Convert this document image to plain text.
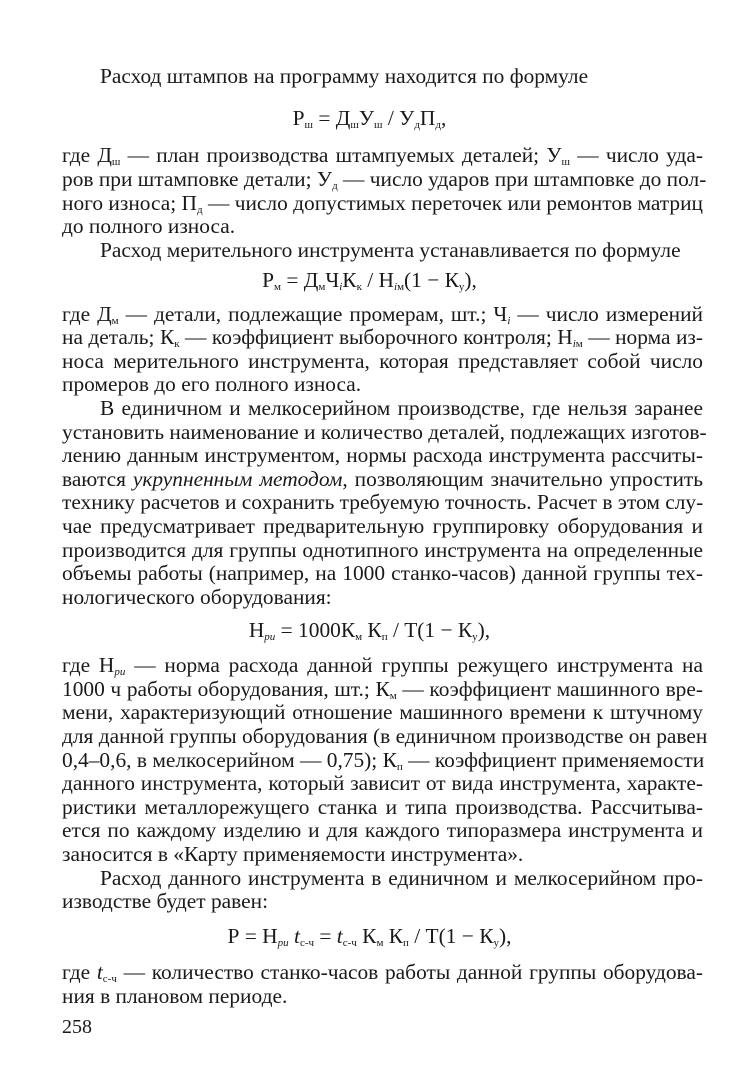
Расход штампов на программу находится по формуле
$Р_ш = Д_шУ_ш / У_дП_д$,
где $Д_ш$ — план производства штампуемых деталей; $У_ш$ — число уда-
ров при штамповке детали; $У_д$ — число ударов при штамповке до пол-
ного износа; $П_д$ — число допустимых переточек или ремонтов матриц
до полного износа.
Расход мерительного инструмента устанавливается по формуле
$Р_м = Д_мЧ_iК_к / Н_{iм}(1 - К_у)$,
где $Д_м$ — детали, подлежащие промерам, шт.; $Ч_i$ — число измерений
на деталь; $К_к$ — коэффициент выборочного контроля; $Н_{iм}$ — норма из-
носа мерительного инструмента, которая представляет собой число
промеров до его полного износа.
В единичном и мелкосерийном производстве, где нельзя заранее
установить наименование и количество деталей, подлежащих изготов-
лению данным инструментом, нормы расхода инструмента рассчиты-
ваются укрупненным методом, позволяющим значительно упростить
технику расчетов и сохранить требуемую точность. Расчет в этом слу-
чае предусматривает предварительную группировку оборудования и
производится для группы однотипного инструмента на определенные
объемы работы (например, на 1000 станко-часов) данной группы тех-
нологического оборудования:
$Н_{ри} = 1000К_м$ $К_п / Т(1 - К_у)$,
где $Н_{ри}$ — норма расхода данной группы режущего инструмента на
1000 ч работы оборудования, шт.; $К_м$ — коэффициент машинного вре-
мени, характеризующий отношение машинного времени к штучному
для данной группы оборудования (в единичном производстве он равен
0,4–0,6, в мелкосерийном — 0,75); $К_п$ — коэффициент применяемости
данного инструмента, который зависит от вида инструмента, характе-
ристики металлорежущего станка и типа производства. Рассчитыва-
ется по каждому изделию и для каждого типоразмера инструмента и
заносится в «Карту применяемости инструмента».
Расход данного инструмента в единичном и мелкосерийном про-
изводстве будет равен:
$Р = Н_{ри}$ $t_{с-ч} = t_{с-ч}$ $К_м$ $К_п / Т(1 - К_у)$,
где $t_{с-ч}$ — количество станко-часов работы данной группы оборудова-
ния в плановом периоде.
258
